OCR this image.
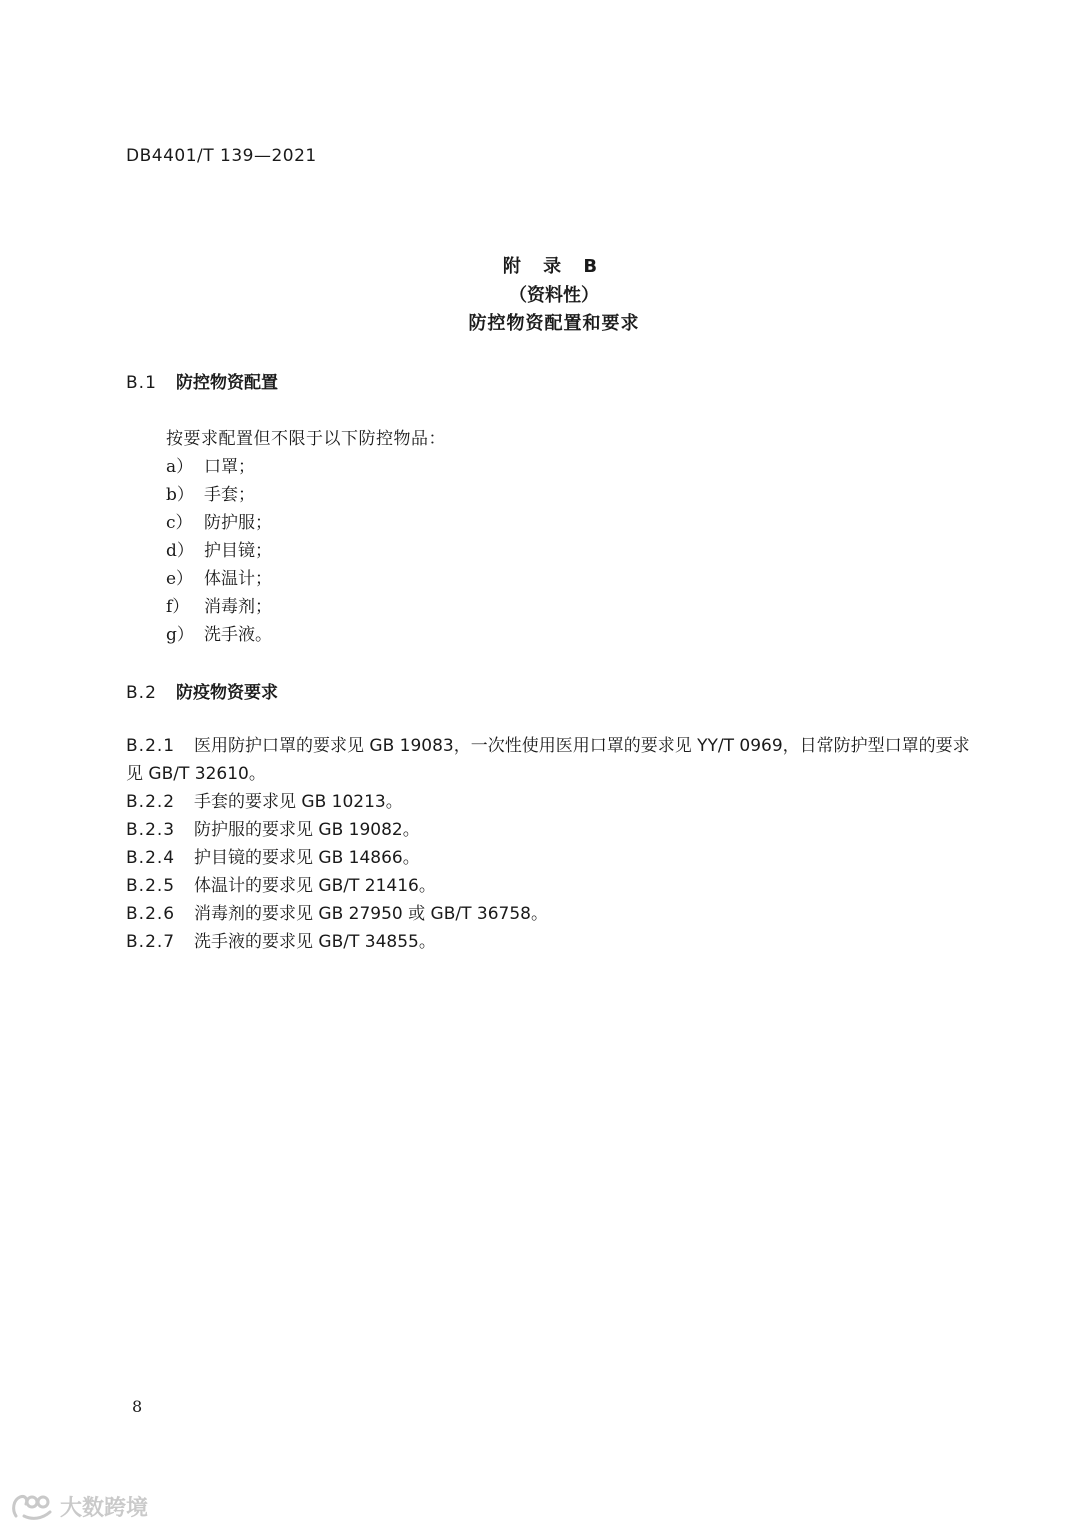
DB4401/T 139—2021
附 录 B
（资料性）
防控物资配置和要求
B.1 防控物资配置
按要求配置但不限于以下防控物品：
a） 口罩；
b） 手套；
c） 防护服；
d） 护目镜；
e） 体温计；
f） 消毒剂；
g） 洗手液。
B.2 防疫物资要求
B.2.1 医用防护口罩的要求见 GB 19083，一次性使用医用口罩的要求见 YY/T 0969，日常防护型口罩的要求见 GB/T 32610。
B.2.2 手套的要求见 GB 10213。
B.2.3 防护服的要求见 GB 19082。
B.2.4 护目镜的要求见 GB 14866。
B.2.5 体温计的要求见 GB/T 21416。
B.2.6 消毒剂的要求见 GB 27950 或 GB/T 36758。
B.2.7 洗手液的要求见 GB/T 34855。
8
大数跨境
